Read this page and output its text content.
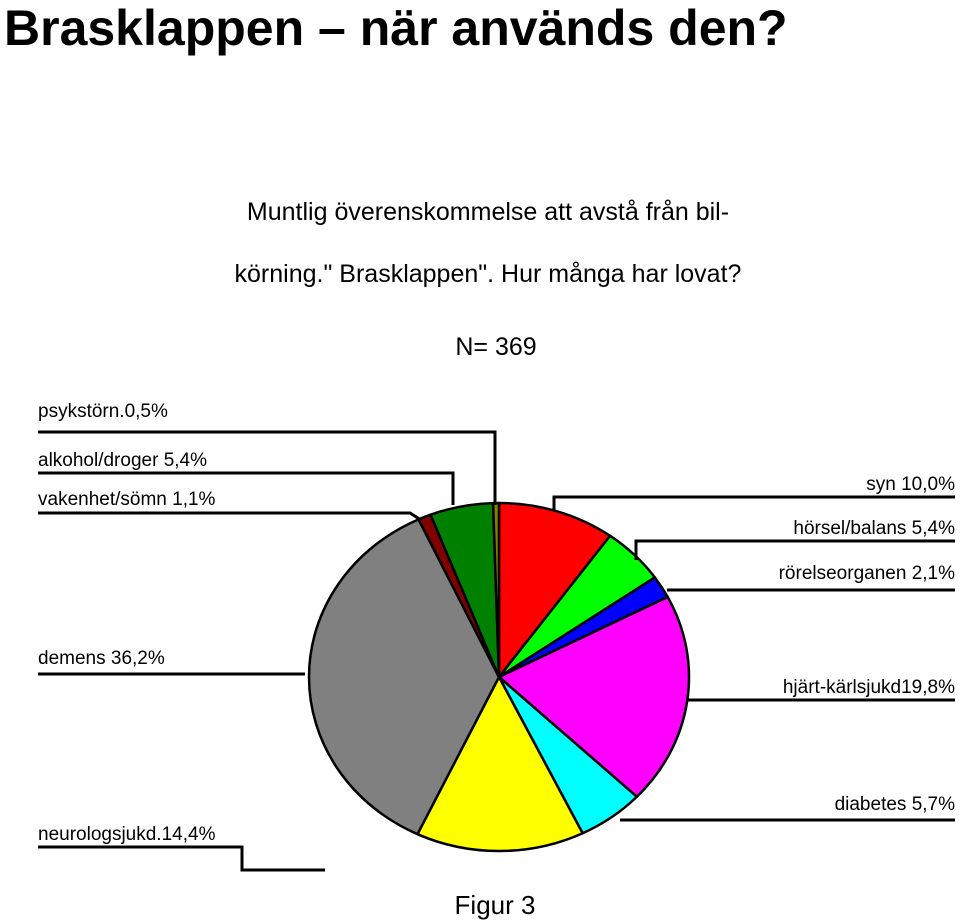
Brasklappen – när används den?
Muntlig överenskommelse att avstå från bil-
körning." Brasklappen". Hur många har lovat?
N= 369
syn 10,0%
hörsel/balans 5,4%
rörelseorganen 2,1%
hjärt-kärlsjukd19,8%
diabetes 5,7%
neurologsjukd.14,4%
demens 36,2%
vakenhet/sömn 1,1%
alkohol/droger 5,4%
psykstörn.0,5%
Figur 3
